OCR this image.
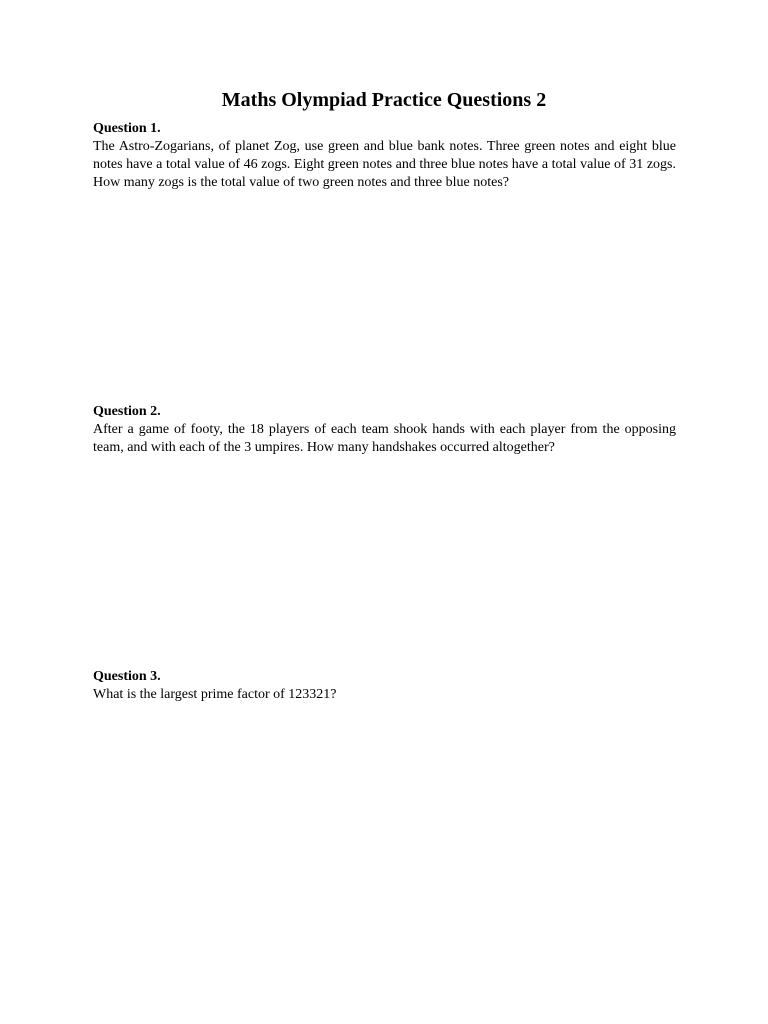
Maths Olympiad Practice Questions 2

Question 1.

The Astro-Zogarians, of planet Zog, use green and blue bank notes. Three green notes and eight blue notes have a total value of 46 zogs. Eight green notes and three blue notes have a total value of 31 zogs. How many zogs is the total value of two green notes and three blue notes?

Question 2.

After a game of footy, the 18 players of each team shook hands with each player from the opposing team, and with each of the 3 umpires. How many handshakes occurred altogether?

Question 3.

What is the largest prime factor of 123321?
